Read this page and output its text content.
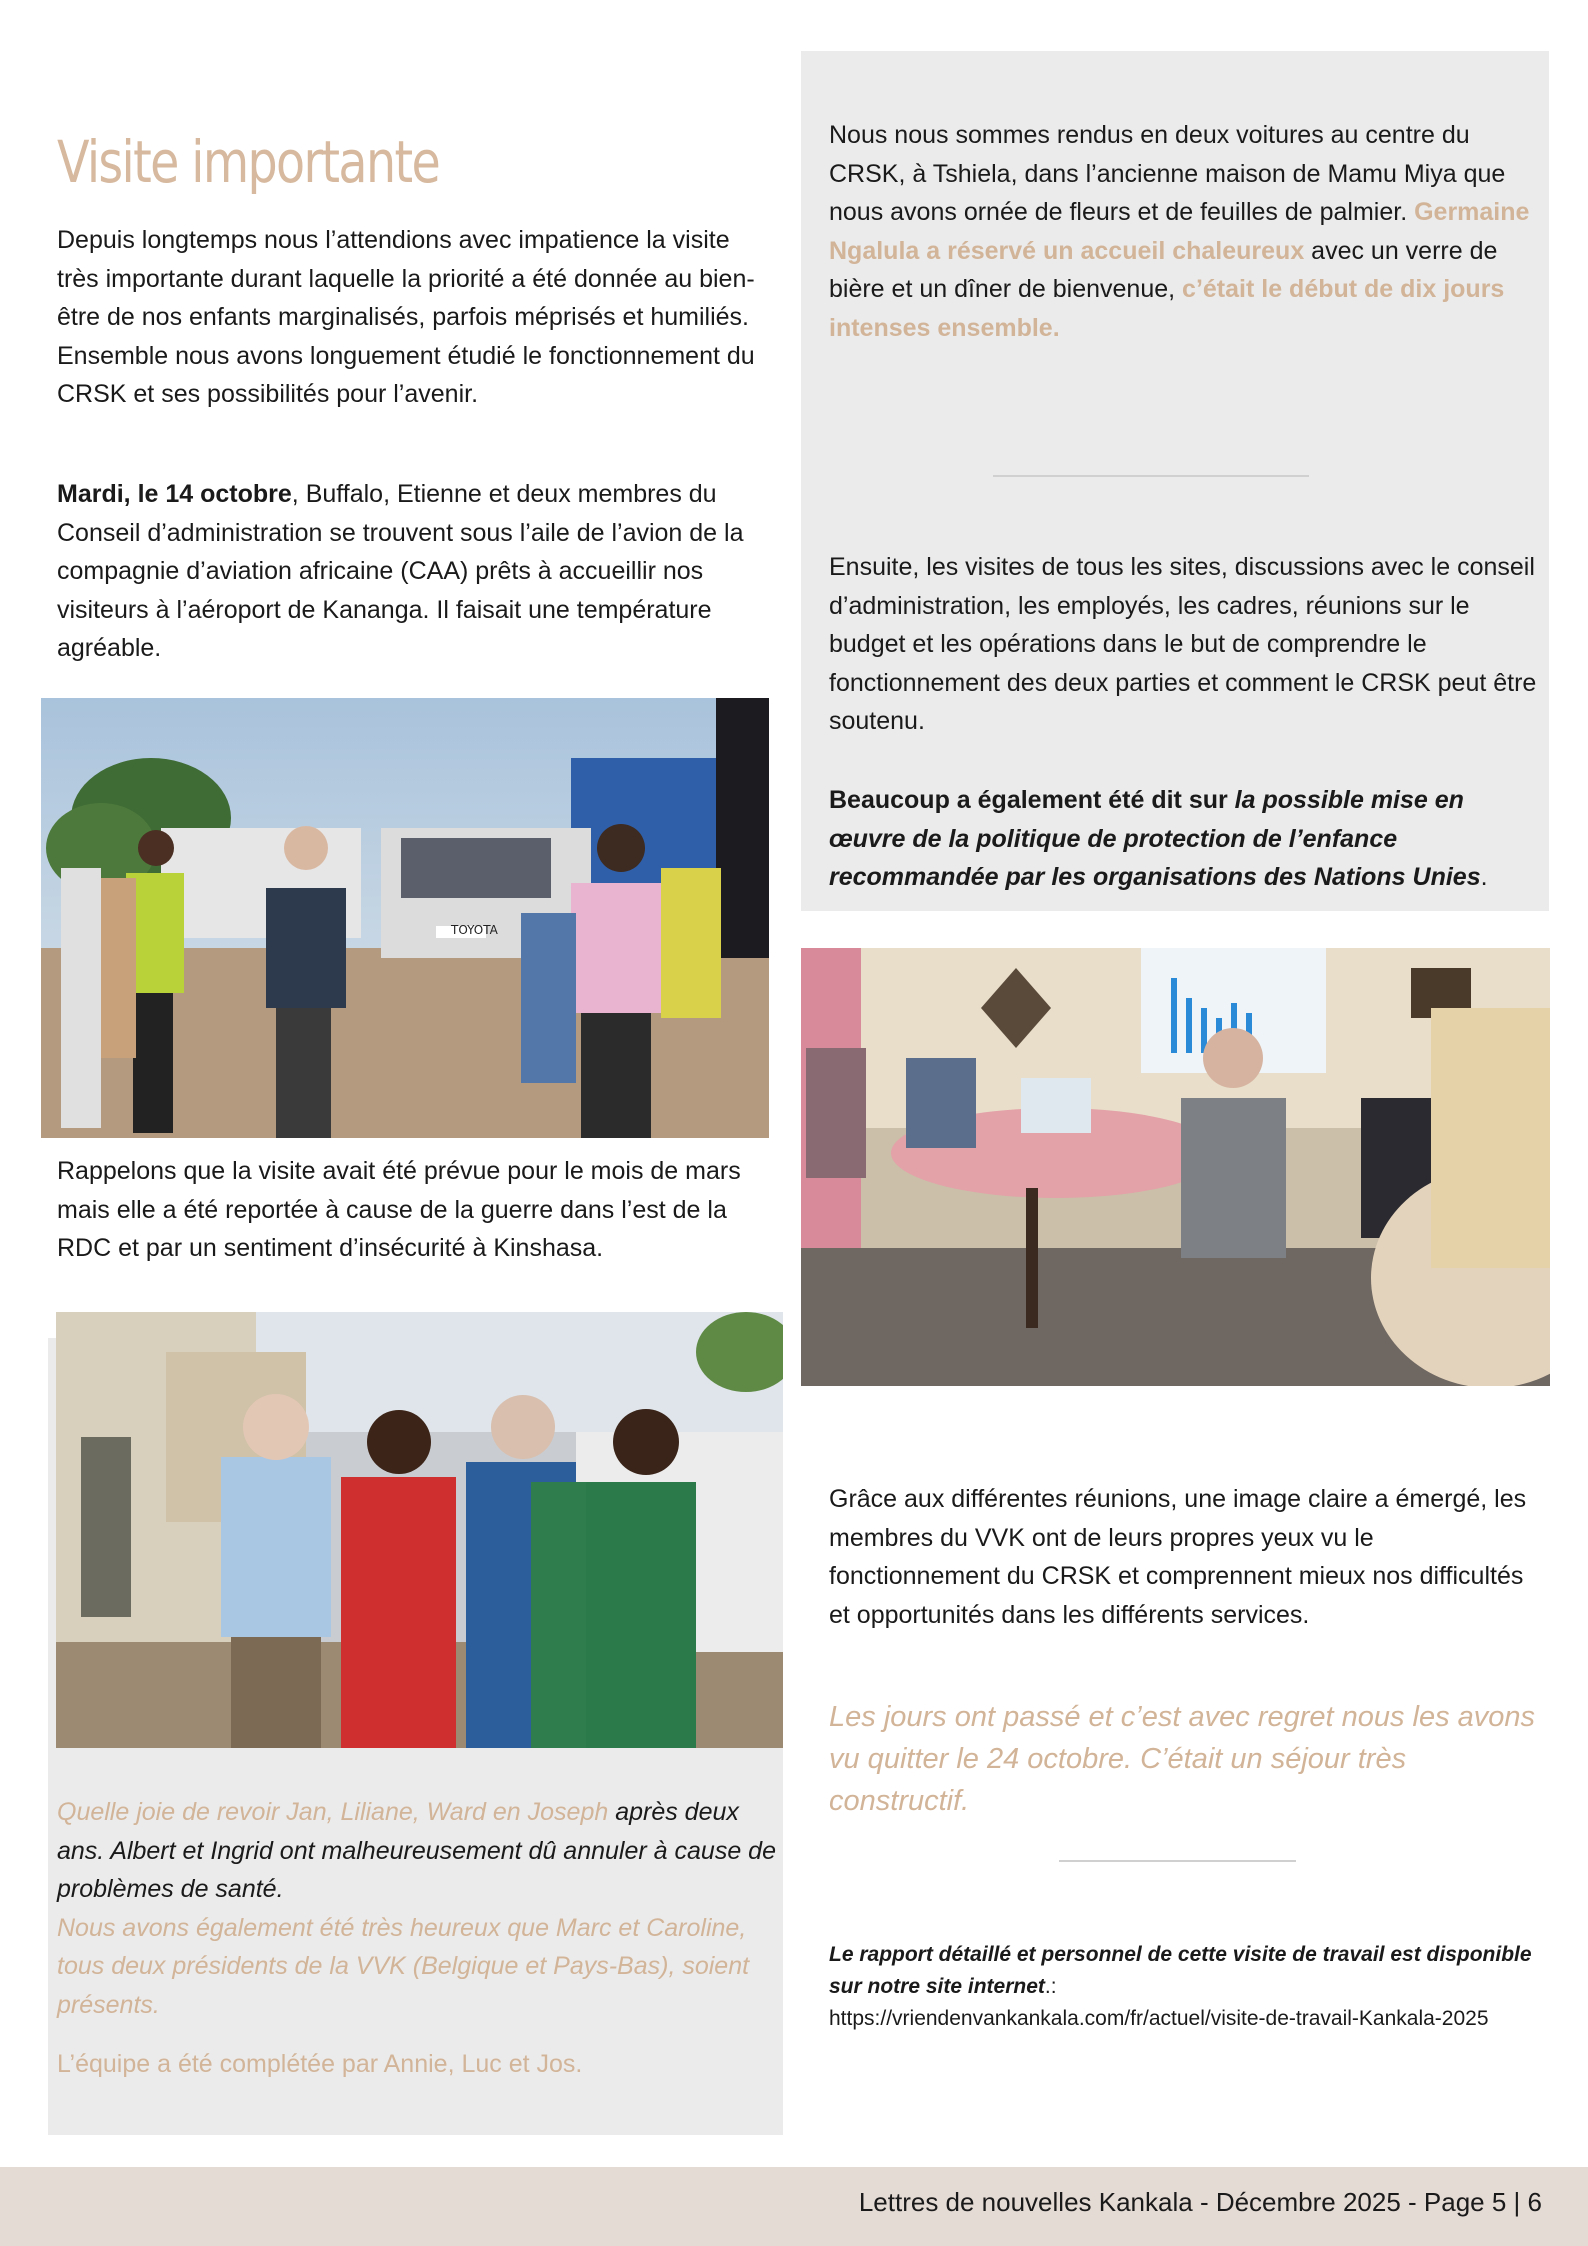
Visite importante

Depuis longtemps nous l’attendions avec impatience la visite très importante durant laquelle la priorité a été donnée au bien-être de nos enfants marginalisés, parfois méprisés et humiliés. Ensemble nous avons longuement étudié le fonctionnement du CRSK et ses possibilités pour l’avenir.

Mardi, le 14 octobre, Buffalo, Etienne et deux membres du Conseil d’administration se trouvent sous l’aile de l’avion de la compagnie d’aviation africaine (CAA) prêts à accueillir nos visiteurs à l’aéroport de Kananga. Il faisait une température agréable.

TOYOTA

Rappelons que la visite avait été prévue pour le mois de mars mais elle a été reportée à cause de la guerre dans l’est de la RDC et par un sentiment d’insécurité à Kinshasa.

Quelle joie de revoir Jan, Liliane, Ward en Joseph après deux ans. Albert et Ingrid ont malheureusement dû annuler à cause de problèmes de santé.
Nous avons également été très heureux que Marc et Caroline, tous deux présidents de la VVK (Belgique et Pays-Bas), soient présents.

L’équipe a été complétée par Annie, Luc et Jos.

Nous nous sommes rendus en deux voitures au centre du CRSK, à Tshiela, dans l’ancienne maison de Mamu Miya que nous avons ornée de fleurs et de feuilles de palmier. Germaine Ngalula a réservé un accueil chaleureux avec un verre de bière et un dîner de bienvenue, c’était le début de dix jours intenses ensemble.

Ensuite, les visites de tous les sites, discussions avec le conseil d’administration, les employés, les cadres, réunions sur le budget et les opérations dans le but de comprendre le fonctionnement des deux parties et comment le CRSK peut être soutenu.

Beaucoup a également été dit sur la possible mise en œuvre de la politique de protection de l’enfance recommandée par les organisations des Nations Unies.

Grâce aux différentes réunions, une image claire a émergé, les membres du VVK ont de leurs propres yeux vu le fonctionnement du CRSK et comprennent mieux nos difficultés et opportunités dans les différents services.

Les jours ont passé et c’est avec regret nous les avons vu quitter le 24 octobre. C’était un séjour très constructif.

Le rapport détaillé et personnel de cette visite de travail est disponible sur notre site internet.:
https://vriendenvankankala.com/fr/actuel/visite-de-travail-Kankala-2025

Lettres de nouvelles Kankala - Décembre 2025 - Page 5 | 6
